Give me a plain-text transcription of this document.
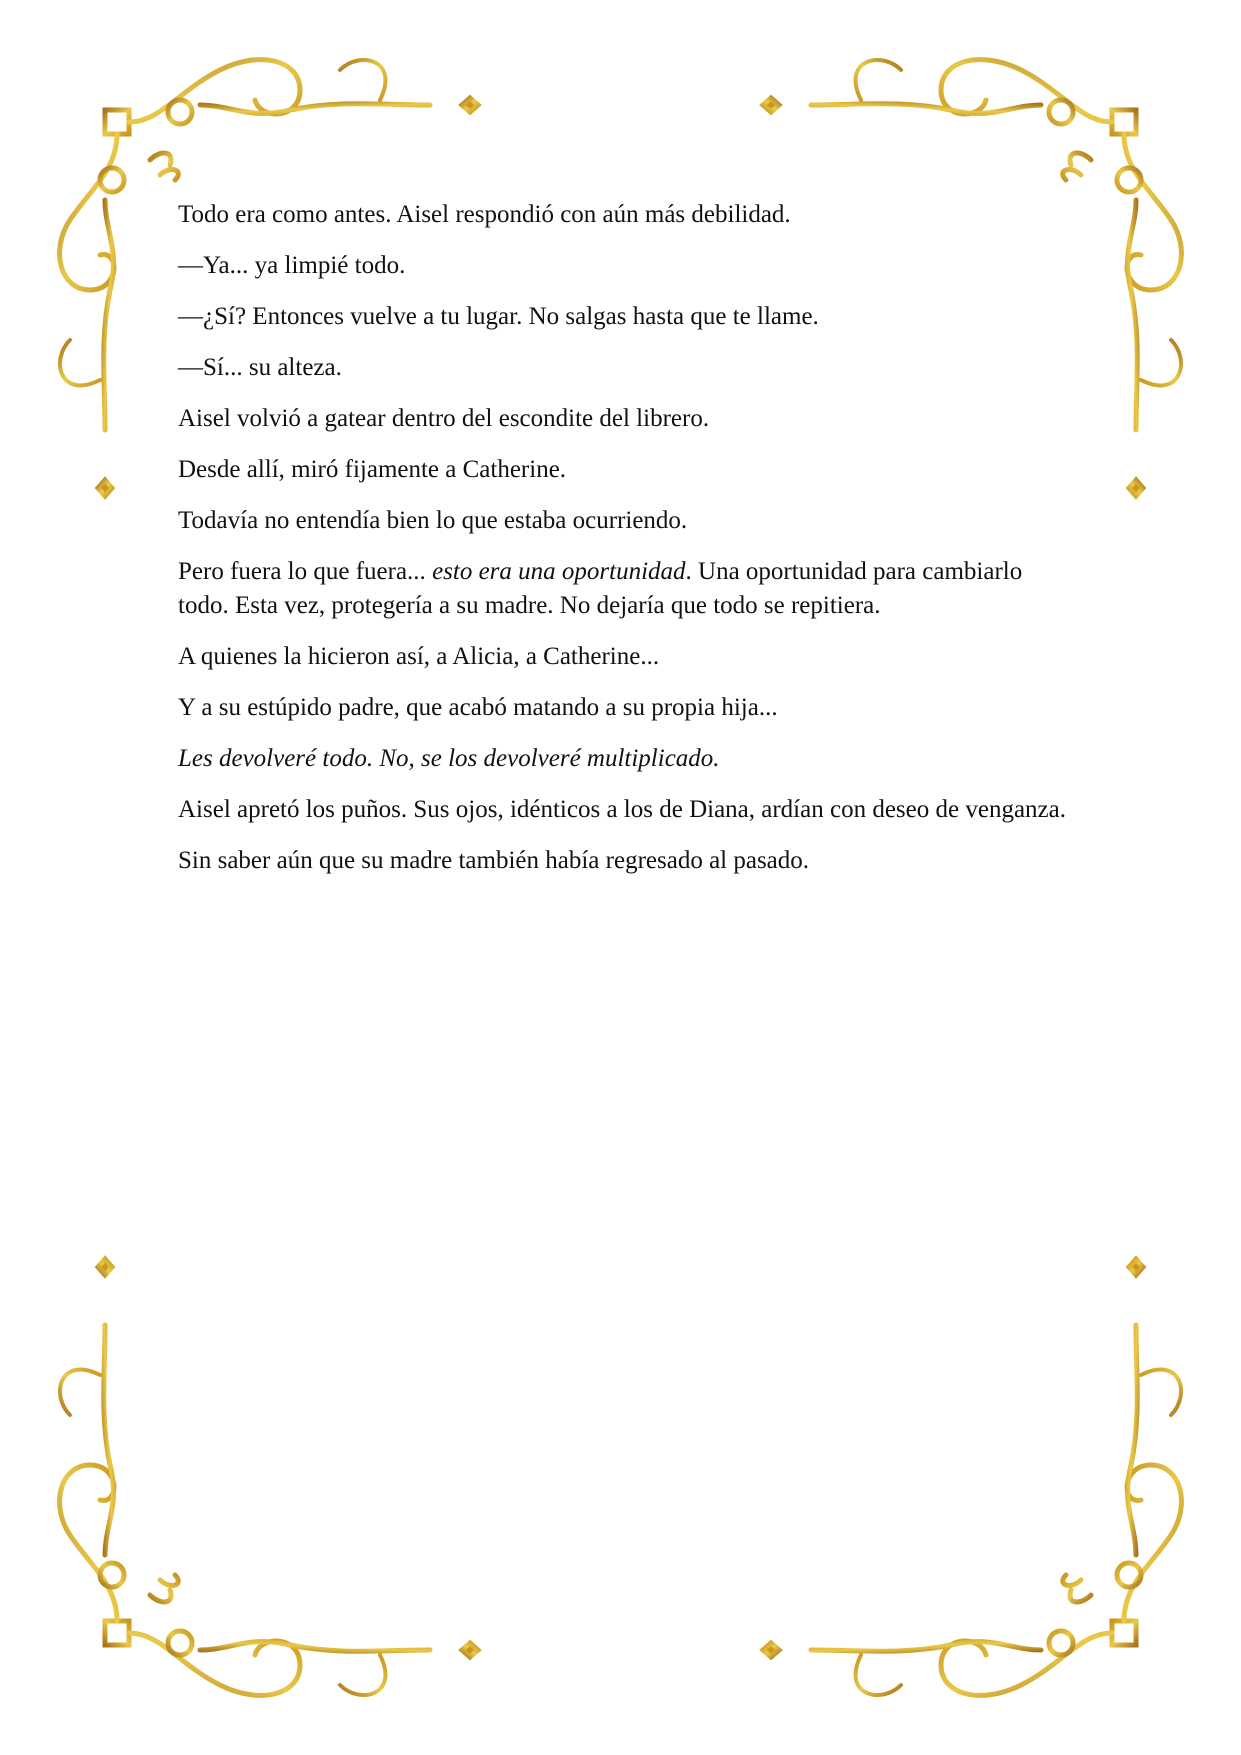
Todo era como antes. Aisel respondió con aún más debilidad.

—Ya... ya limpié todo.

—¿Sí? Entonces vuelve a tu lugar. No salgas hasta que te llame.

—Sí... su alteza.

Aisel volvió a gatear dentro del escondite del librero.

Desde allí, miró fijamente a Catherine.

Todavía no entendía bien lo que estaba ocurriendo.

Pero fuera lo que fuera... esto era una oportunidad. Una oportunidad para cambiarlo todo. Esta vez, protegería a su madre. No dejaría que todo se repitiera.

A quienes la hicieron así, a Alicia, a Catherine...

Y a su estúpido padre, que acabó matando a su propia hija...

Les devolveré todo. No, se los devolveré multiplicado.

Aisel apretó los puños. Sus ojos, idénticos a los de Diana, ardían con deseo de venganza.

Sin saber aún que su madre también había regresado al pasado.
